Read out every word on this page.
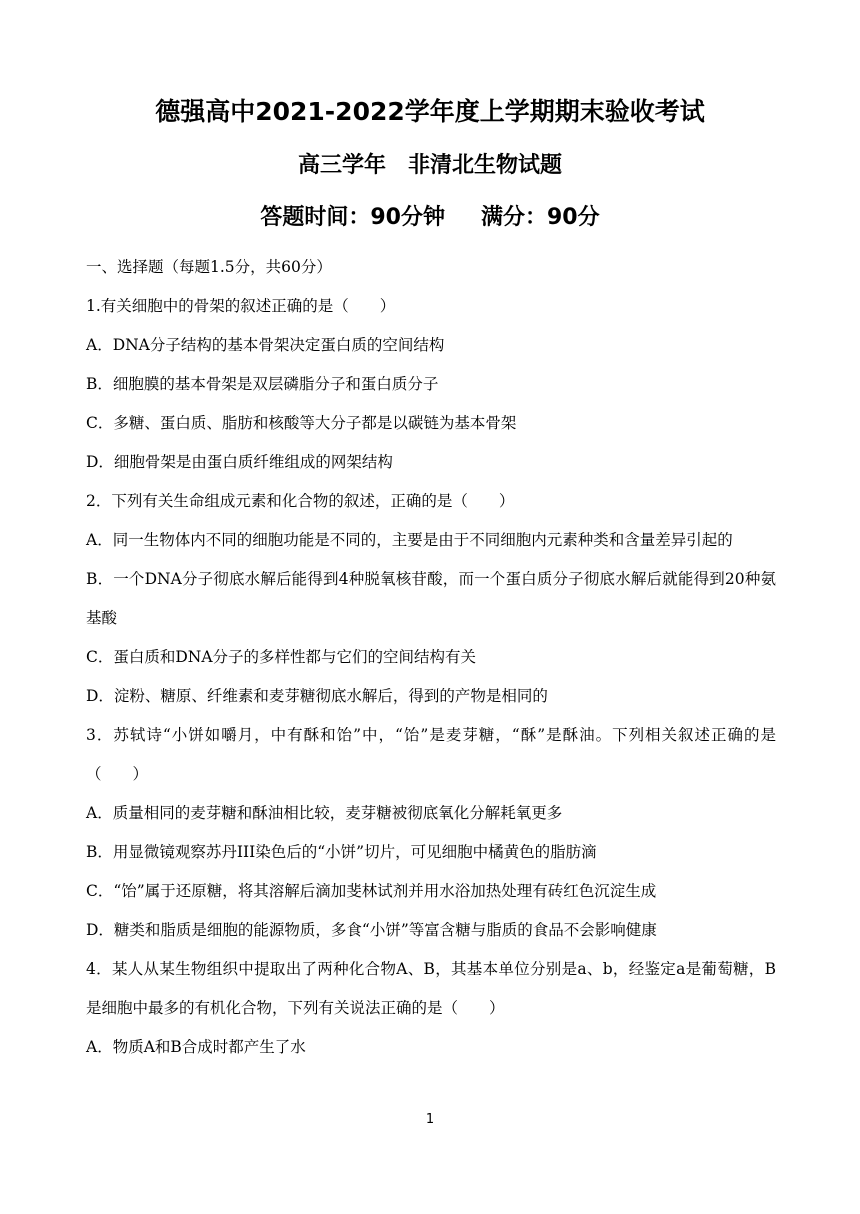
德强高中2021-2022学年度上学期期末验收考试
高三学年　非清北生物试题
答题时间：90分钟 满分：90分
一、选择题（每题1.5分，共60分）
1.有关细胞中的骨架的叙述正确的是（　　）
A．DNA分子结构的基本骨架决定蛋白质的空间结构
B．细胞膜的基本骨架是双层磷脂分子和蛋白质分子
C．多糖、蛋白质、脂肪和核酸等大分子都是以碳链为基本骨架
D．细胞骨架是由蛋白质纤维组成的网架结构
2．下列有关生命组成元素和化合物的叙述，正确的是（　　）
A．同一生物体内不同的细胞功能是不同的，主要是由于不同细胞内元素种类和含量差异引起的
B．一个DNA分子彻底水解后能得到4种脱氧核苷酸，而一个蛋白质分子彻底水解后就能得到20种氨基酸
C．蛋白质和DNA分子的多样性都与它们的空间结构有关
D．淀粉、糖原、纤维素和麦芽糖彻底水解后，得到的产物是相同的
3．苏轼诗“小饼如嚼月，中有酥和饴”中，“饴”是麦芽糖，“酥”是酥油。下列相关叙述正确的是（　　）
A．质量相同的麦芽糖和酥油相比较，麦芽糖被彻底氧化分解耗氧更多
B．用显微镜观察苏丹III染色后的“小饼”切片，可见细胞中橘黄色的脂肪滴
C．“饴”属于还原糖，将其溶解后滴加斐林试剂并用水浴加热处理有砖红色沉淀生成
D．糖类和脂质是细胞的能源物质，多食“小饼”等富含糖与脂质的食品不会影响健康
4．某人从某生物组织中提取出了两种化合物A、B，其基本单位分别是a、b，经鉴定a是葡萄糖，B是细胞中最多的有机化合物，下列有关说法正确的是（　　）
A．物质A和B合成时都产生了水
1
